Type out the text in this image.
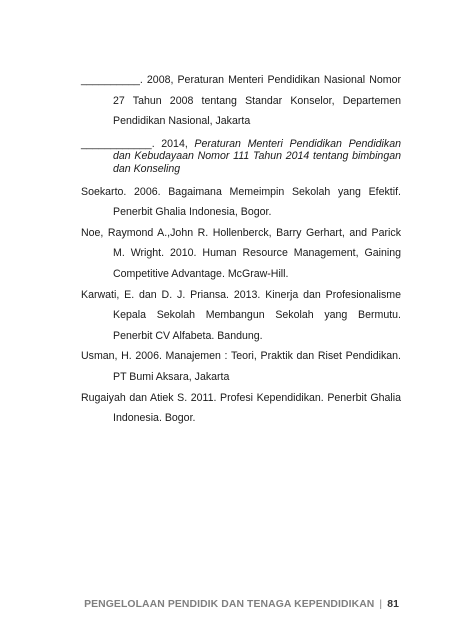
__________. 2008, Peraturan Menteri Pendidikan Nasional Nomor 27 Tahun 2008 tentang Standar Konselor, Departemen Pendidikan Nasional, Jakarta

____________. 2014, Peraturan Menteri Pendidikan Pendidikan dan Kebudayaan Nomor 111 Tahun 2014 tentang bimbingan dan Konseling

Soekarto. 2006. Bagaimana Memeimpin Sekolah yang Efektif. Penerbit Ghalia Indonesia, Bogor.

Noe, Raymond A.,John R. Hollenberck, Barry Gerhart, and Parick M. Wright. 2010. Human Resource Management, Gaining Competitive Advantage. McGraw-Hill.

Karwati, E. dan D. J. Priansa. 2013. Kinerja dan Profesionalisme Kepala Sekolah Membangun Sekolah yang Bermutu. Penerbit CV Alfabeta. Bandung.

Usman, H. 2006. Manajemen : Teori, Praktik dan Riset Pendidikan. PT Bumi Aksara, Jakarta

Rugaiyah dan Atiek S. 2011. Profesi Kependidikan. Penerbit Ghalia Indonesia. Bogor.

PENGELOLAAN PENDIDIK DAN TENAGA KEPENDIDIKAN | 81
